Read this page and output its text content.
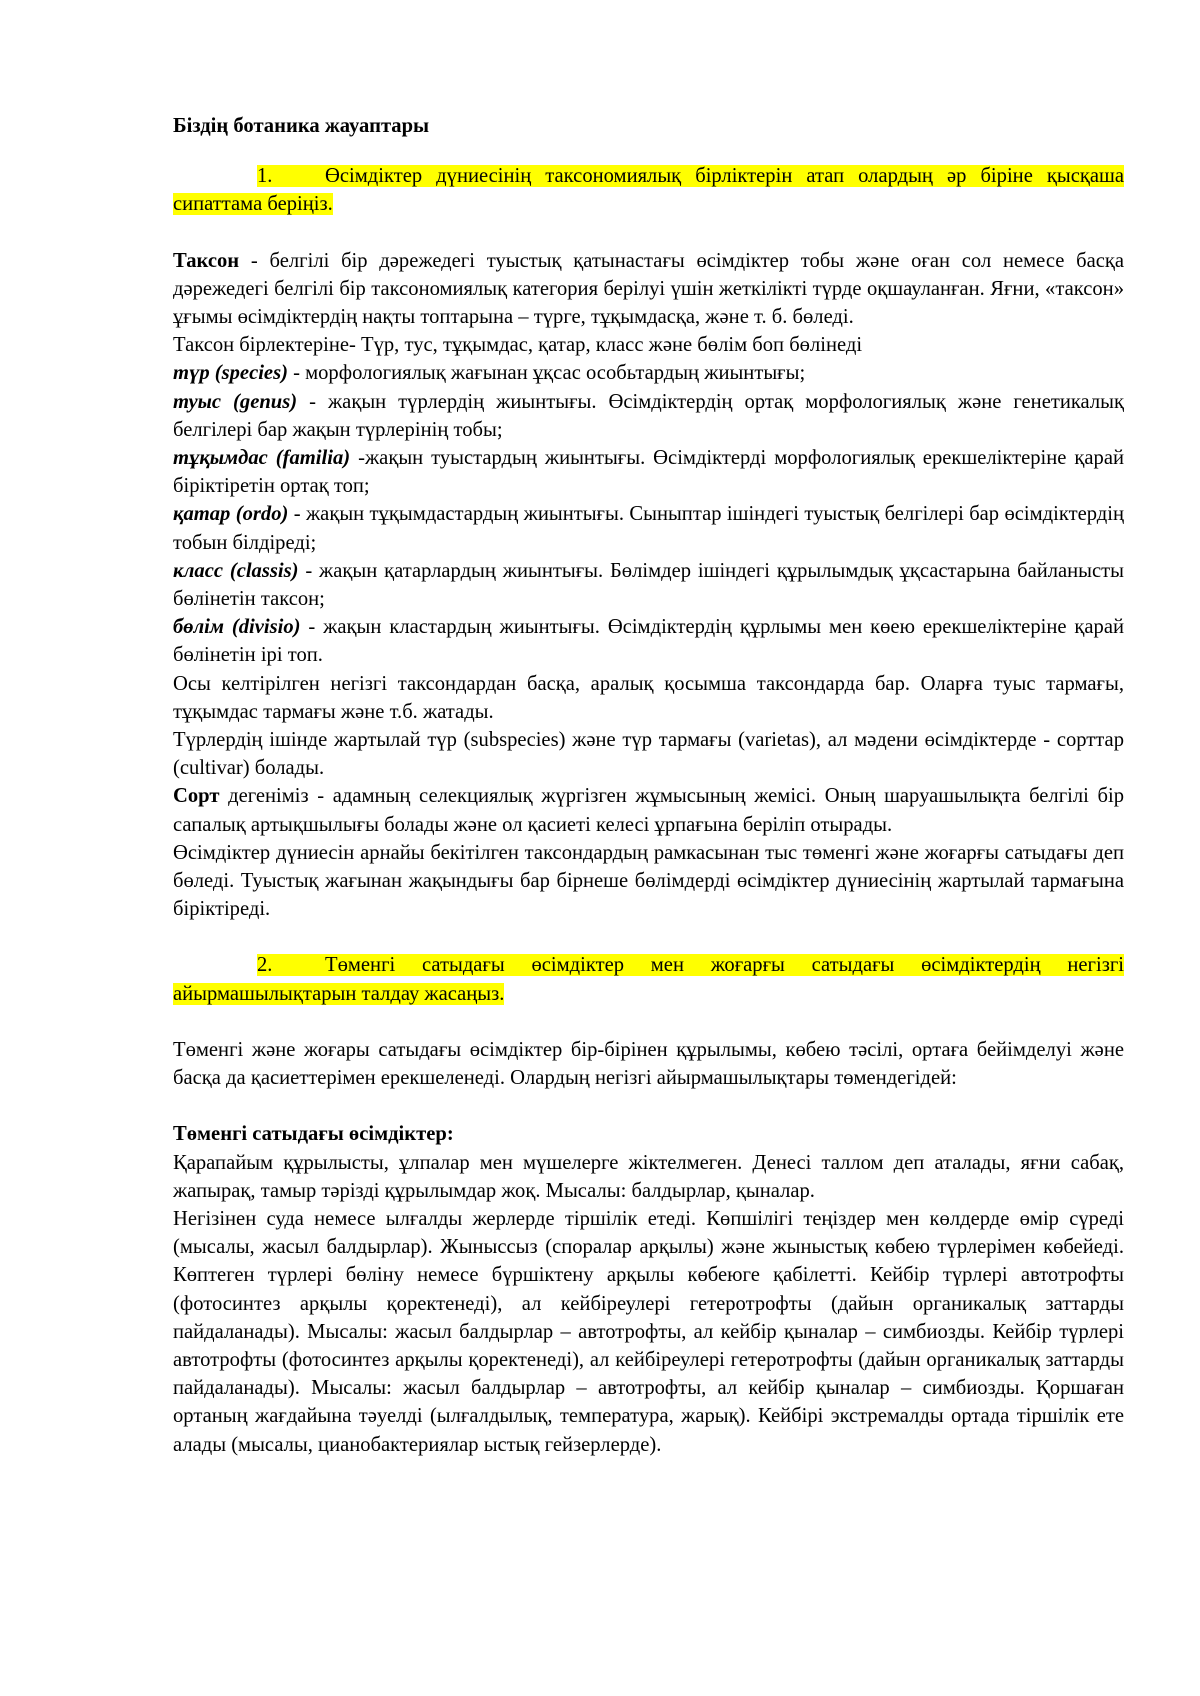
Біздің ботаника жауаптары

1.	Өсімдіктер дүниесінің таксономиялық бірліктерін атап олардың әр біріне қысқаша сипаттама беріңіз.

Таксон - белгілі бір дәрежедегі туыстық қатынастағы өсімдіктер тобы және оған сол немесе басқа дәрежедегі белгілі бір таксономиялық категория берілуі үшін жеткілікті түрде оқшауланған. Яғни, «таксон» ұғымы өсімдіктердің нақты топтарына – түрге, тұқымдасқа, және т. б. бөледі.

Таксон бірлектеріне- Түр, тус, тұқымдас, қатар, класс және бөлім боп бөлінеді

түр (species) - морфологиялық жағынан ұқсас особьтардың жиынтығы;

туыс (genus) - жақын түрлердің жиынтығы. Өсімдіктердің ортақ морфологиялық және генетикалық белгілері бар жақын түрлерінің тобы;

тұқымдас (familia) -жақын туыстардың жиынтығы. Өсімдіктерді морфологиялық ерекшеліктеріне қарай біріктіретін ортақ топ;

қатар (ordo) - жақын тұқымдастардың жиынтығы. Сыныптар ішіндегі туыстық белгілері бар өсімдіктердің тобын білдіреді;

класс (classis) - жақын қатарлардың жиынтығы. Бөлімдер ішіндегі құрылымдық ұқсастарына байланысты бөлінетін таксон;

бөлім (divisio) - жақын кластардың жиынтығы. Өсімдіктердің құрлымы мен көею ерекшеліктеріне қарай бөлінетін ірі топ.

Осы келтірілген негізгі таксондардан басқа, аралық қосымша таксондарда бар. Оларға туыс тармағы, тұқымдас тармағы және т.б. жатады.

Түрлердің ішінде жартылай түр (subspecies) және түр тармағы (varietas), ал мәдени өсімдіктерде - сорттар (cultivar) болады.

Сорт дегеніміз - адамның селекциялық жүргізген жұмысының жемісі. Оның шаруашылықта белгілі бір сапалық артықшылығы болады және ол қасиеті келесі ұрпағына беріліп отырады.

Өсімдіктер дүниесін арнайы бекітілген таксондардың рамкасынан тыс төменгі және жоғарғы сатыдағы деп бөледі. Туыстық жағынан жақындығы бар бірнеше бөлімдерді өсімдіктер дүниесінің жартылай тармағына біріктіреді.

2.	Төменгі сатыдағы өсімдіктер мен жоғарғы сатыдағы өсімдіктердің негізгі айырмашылықтарын талдау жасаңыз.

Төменгі және жоғары сатыдағы өсімдіктер бір-бірінен құрылымы, көбею тәсілі, ортаға бейімделуі және басқа да қасиеттерімен ерекшеленеді. Олардың негізгі айырмашылықтары төмендегідей:

Төменгі сатыдағы өсімдіктер:

Қарапайым құрылысты, ұлпалар мен мүшелерге жіктелмеген. Денесі таллом деп аталады, яғни сабақ, жапырақ, тамыр тәрізді құрылымдар жоқ. Мысалы: балдырлар, қыналар.

Негізінен суда немесе ылғалды жерлерде тіршілік етеді. Көпшілігі теңіздер мен көлдерде өмір сүреді (мысалы, жасыл балдырлар). Жыныссыз (споралар арқылы) және жыныстық көбею түрлерімен көбейеді. Көптеген түрлері бөліну немесе бүршіктену арқылы көбеюге қабілетті. Кейбір түрлері автотрофты (фотосинтез арқылы қоректенеді), ал кейбіреулері гетеротрофты (дайын органикалық заттарды пайдаланады). Мысалы: жасыл балдырлар – автотрофты, ал кейбір қыналар – симбиозды. Кейбір түрлері автотрофты (фотосинтез арқылы қоректенеді), ал кейбіреулері гетеротрофты (дайын органикалық заттарды пайдаланады). Мысалы: жасыл балдырлар – автотрофты, ал кейбір қыналар – симбиозды. Қоршаған ортаның жағдайына тәуелді (ылғалдылық, температура, жарық). Кейбірі экстремалды ортада тіршілік ете алады (мысалы, цианобактериялар ыстық гейзерлерде).
